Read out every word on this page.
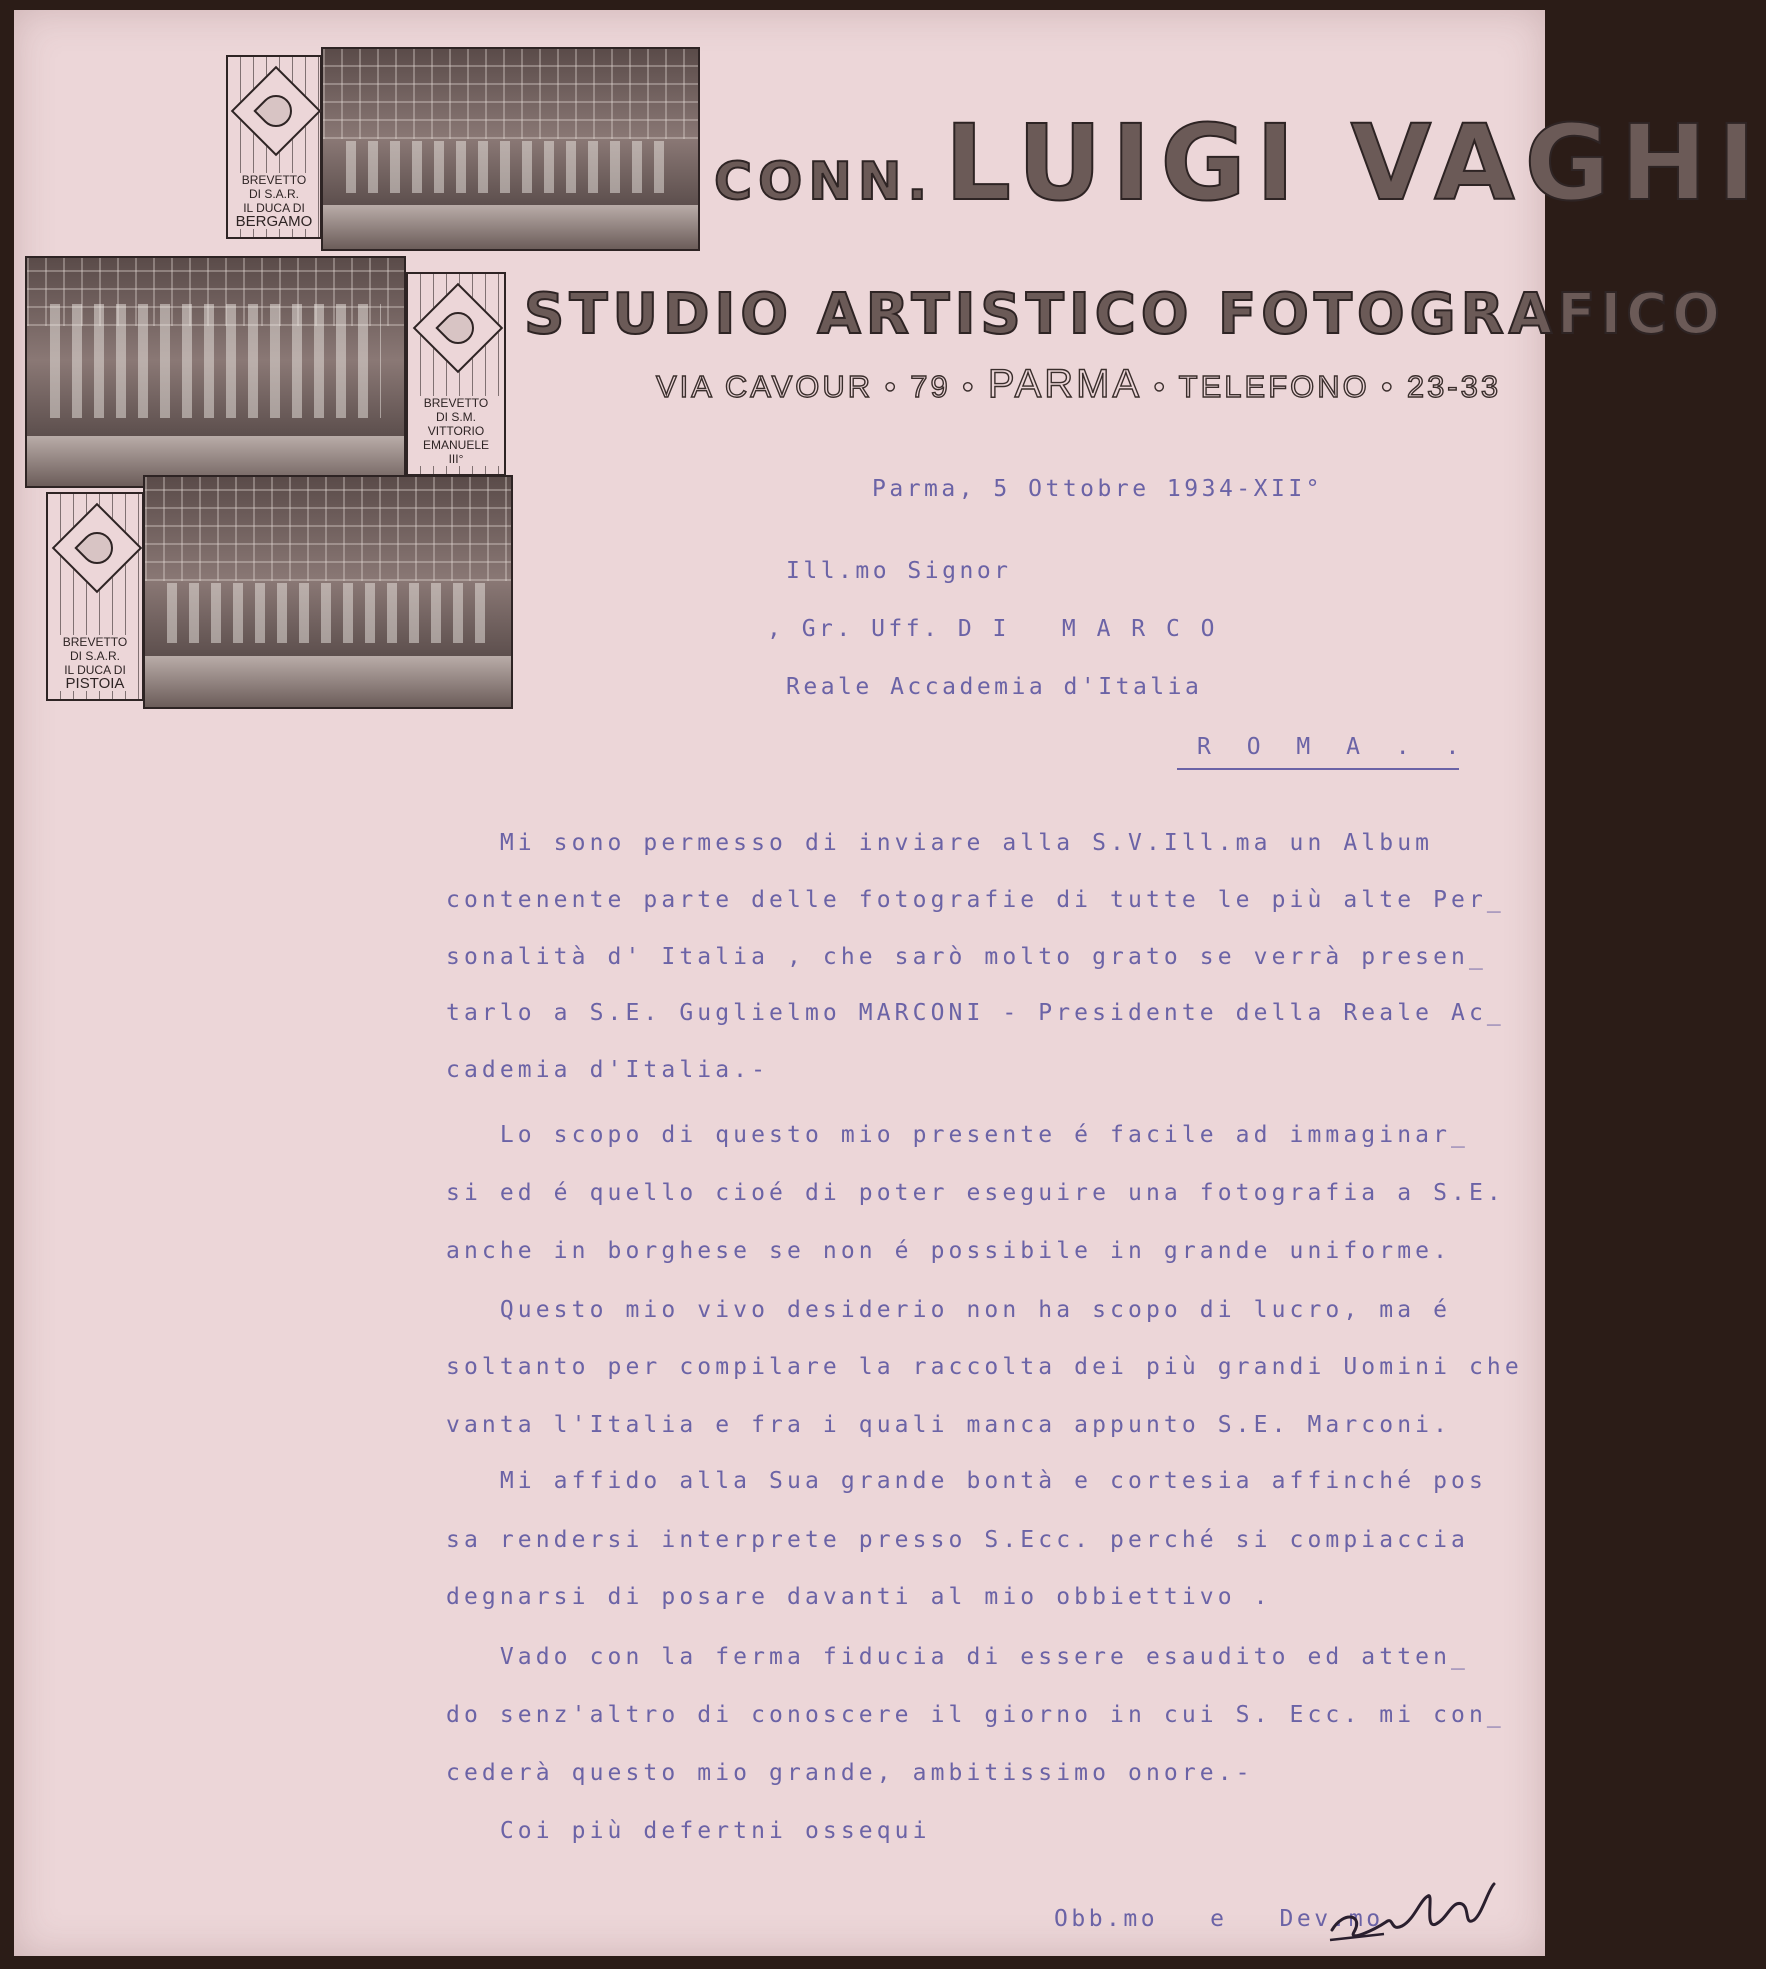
BREVETTO
DI S.A.R.
IL DUCA DI
BERGAMO
BREVETTO
DI S.M.
VITTORIO
EMANUELE
III°
BREVETTO
DI S.A.R.
IL DUCA DI
PISTOIA
CONN. LUIGI VAGHI
STUDIO ARTISTICO FOTOGRAFICO
VIA CAVOUR • 79 • PARMA • TELEFONO • 23-33
Parma, 5 Ottobre 1934-XII°
Ill.mo Signor
, Gr. Uff. D I   M A R C O
Reale Accademia d'Italia
R O M A . .
Mi sono permesso di inviare alla S.V.Ill.ma un Album
contenente parte delle fotografie di tutte le più alte Per_
sonalità d' Italia , che sarò molto grato se verrà presen_
tarlo a S.E. Guglielmo MARCONI - Presidente della Reale Ac_
cademia d'Italia.-
Lo scopo di questo mio presente é facile ad immaginar_
si ed é quello cioé di poter eseguire una fotografia a S.E.
anche in borghese se non é possibile in grande uniforme.
Questo mio vivo desiderio non ha scopo di lucro, ma é
soltanto per compilare la raccolta dei più grandi Uomini che
vanta l'Italia e fra i quali manca appunto S.E. Marconi.
Mi affido alla Sua grande bontà e cortesia affinché pos
sa rendersi interprete presso S.Ecc. perché si compiaccia
degnarsi di posare davanti al mio obbiettivo .
Vado con la ferma fiducia di essere esaudito ed atten_
do senz'altro di conoscere il giorno in cui S. Ecc. mi con_
cederà questo mio grande, ambitissimo onore.-
Coi più defertni ossequi
Obb.mo   e   Dev.mo
